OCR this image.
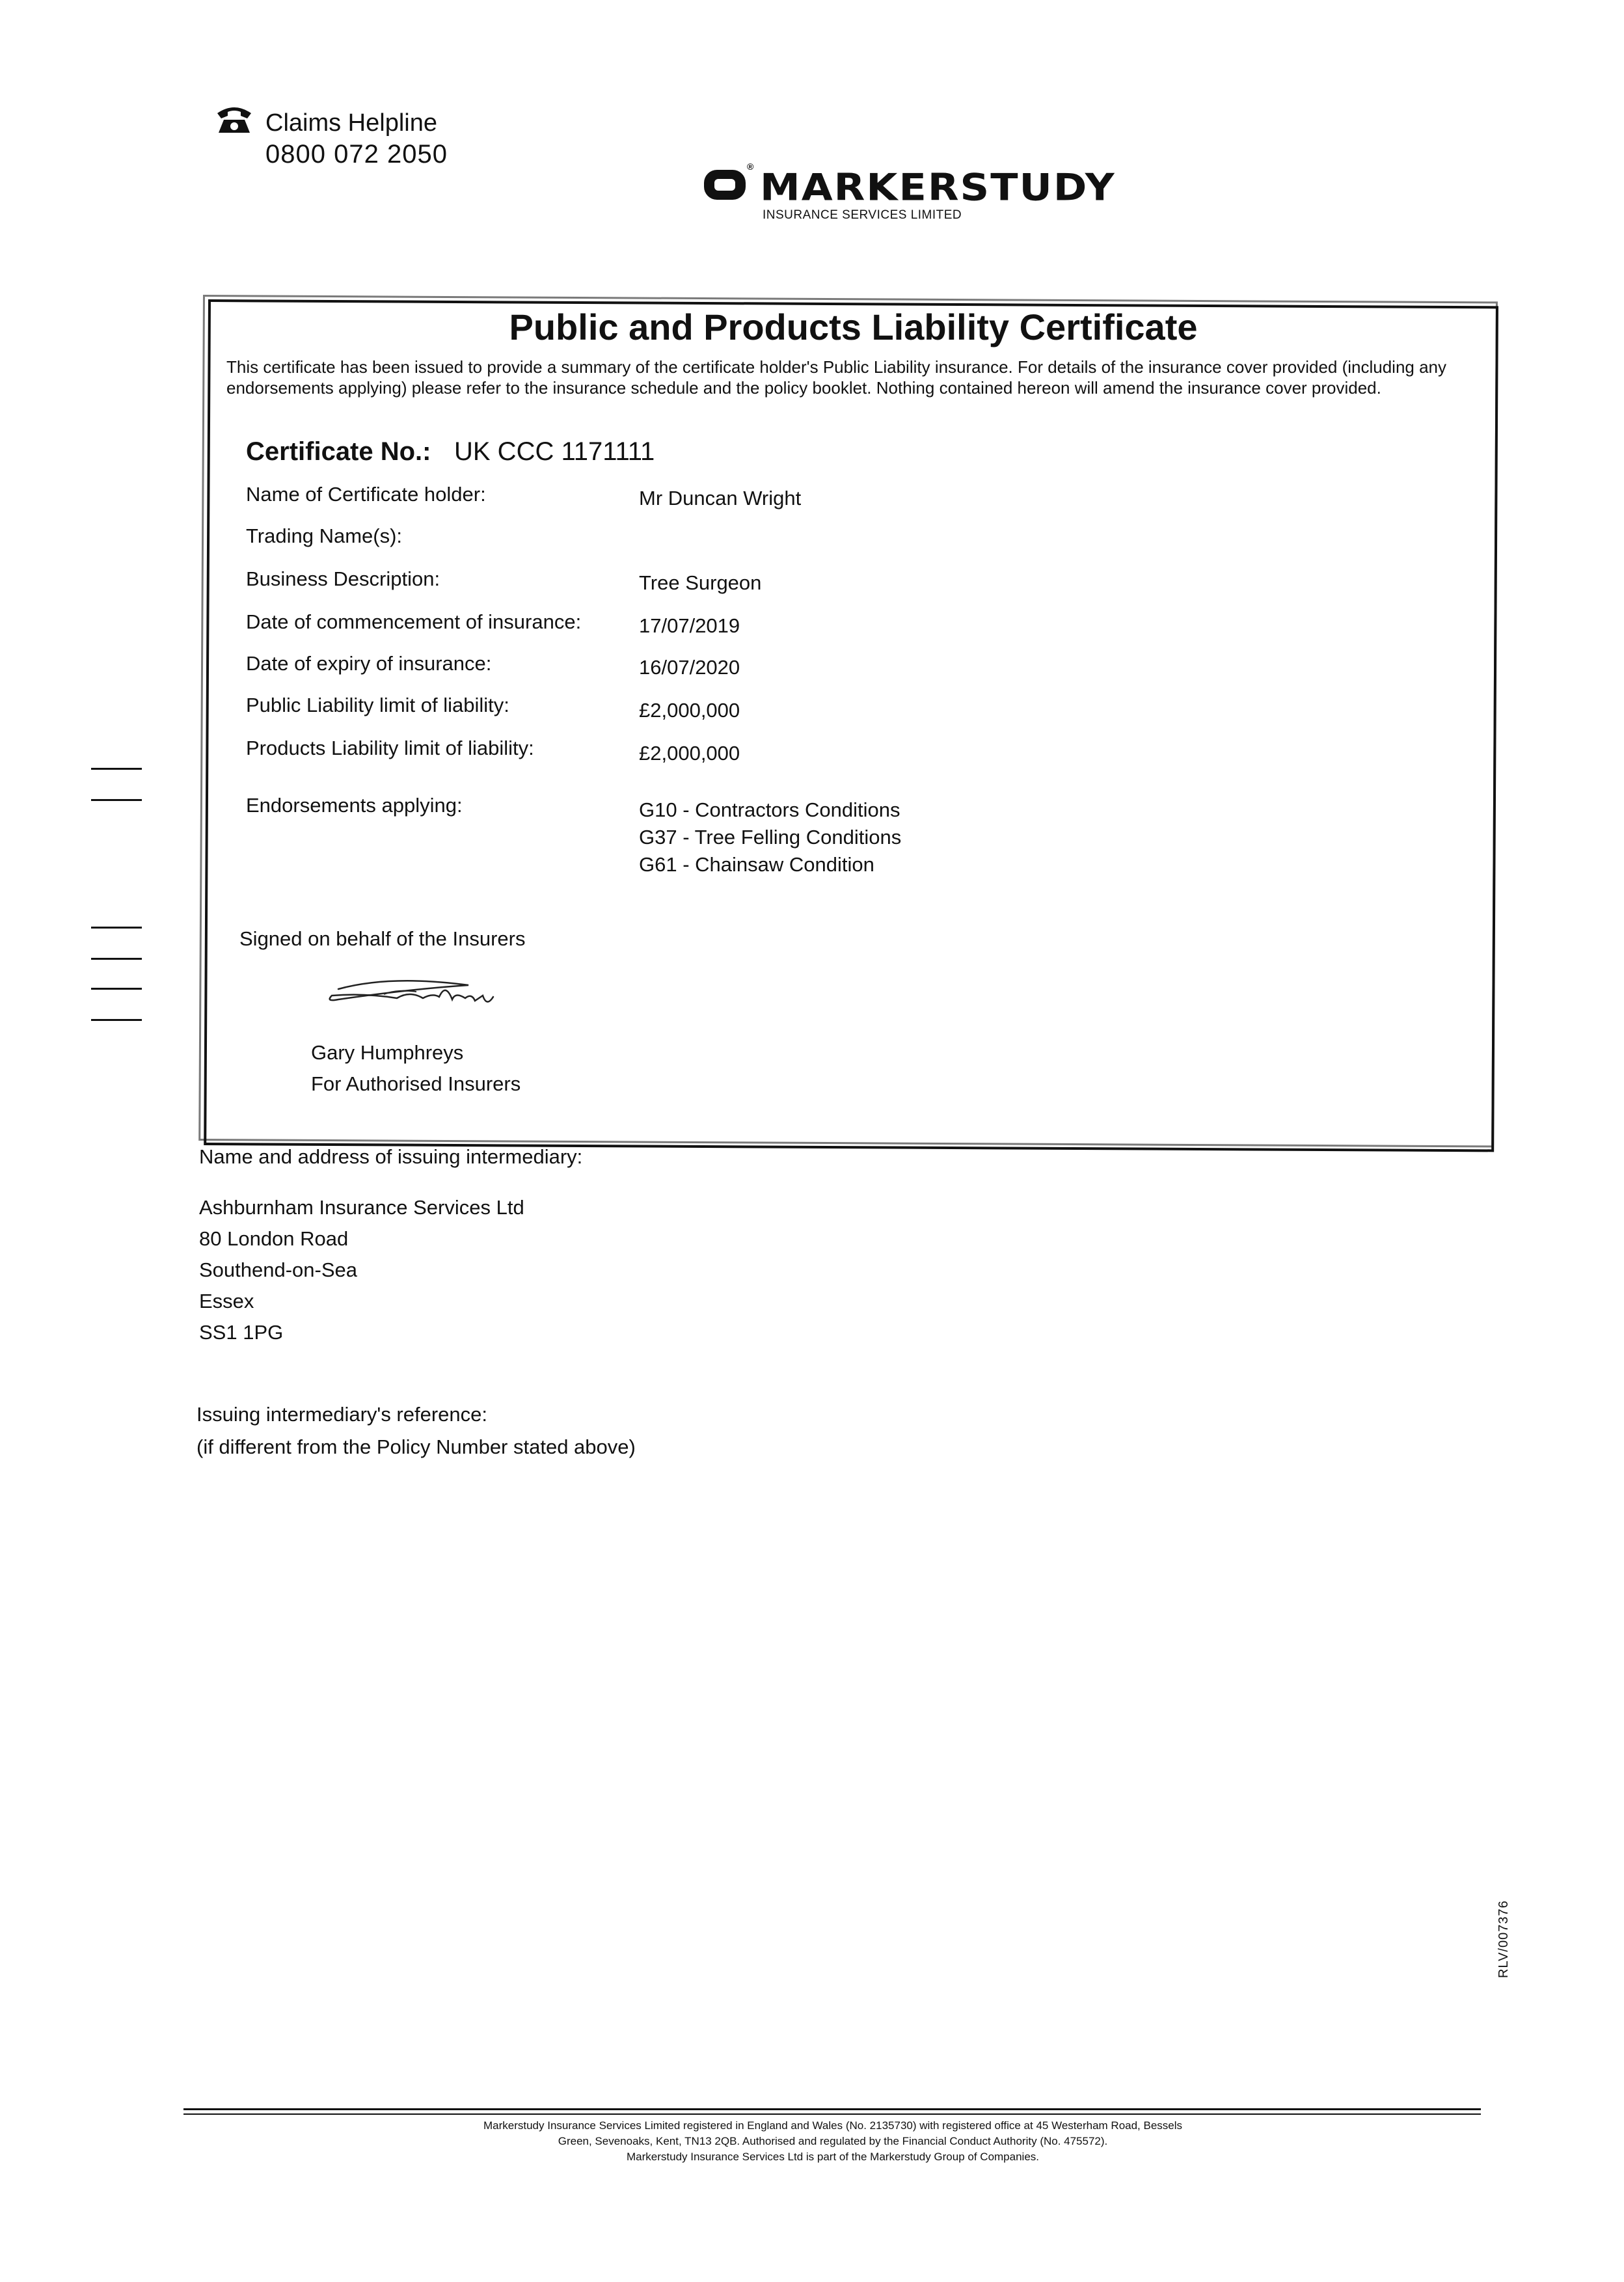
Claims Helpline
0800 072 2050	® MARKERSTUDY
INSURANCE SERVICES LIMITED
Public and Products Liability Certificate
This certificate has been issued to provide a summary of the certificate holder's Public Liability insurance. For details of the insurance cover provided (including any endorsements applying) please refer to the insurance schedule and the policy booklet. Nothing contained hereon will amend the insurance cover provided.
Certificate No.: UK CCC 1171111
Name of Certificate holder:	Mr Duncan Wright
Trading Name(s):
Business Description:	Tree Surgeon
Date of commencement of insurance:	17/07/2019
Date of expiry of insurance:	16/07/2020
Public Liability limit of liability:	£2,000,000
Products Liability limit of liability:	£2,000,000
Endorsements applying:	G10 - Contractors Conditions
G37 - Tree Felling Conditions
G61 - Chainsaw Condition
Signed on behalf of the Insurers
Gary Humphreys
For Authorised Insurers
Name and address of issuing intermediary:
Ashburnham Insurance Services Ltd
80 London Road
Southend-on-Sea
Essex
SS1 1PG
Issuing intermediary's reference:
(if different from the Policy Number stated above)
RLV/007376
Markerstudy Insurance Services Limited registered in England and Wales (No. 2135730) with registered office at 45 Westerham Road, Bessels
Green, Sevenoaks, Kent, TN13 2QB. Authorised and regulated by the Financial Conduct Authority (No. 475572).
Markerstudy Insurance Services Ltd is part of the Markerstudy Group of Companies.
